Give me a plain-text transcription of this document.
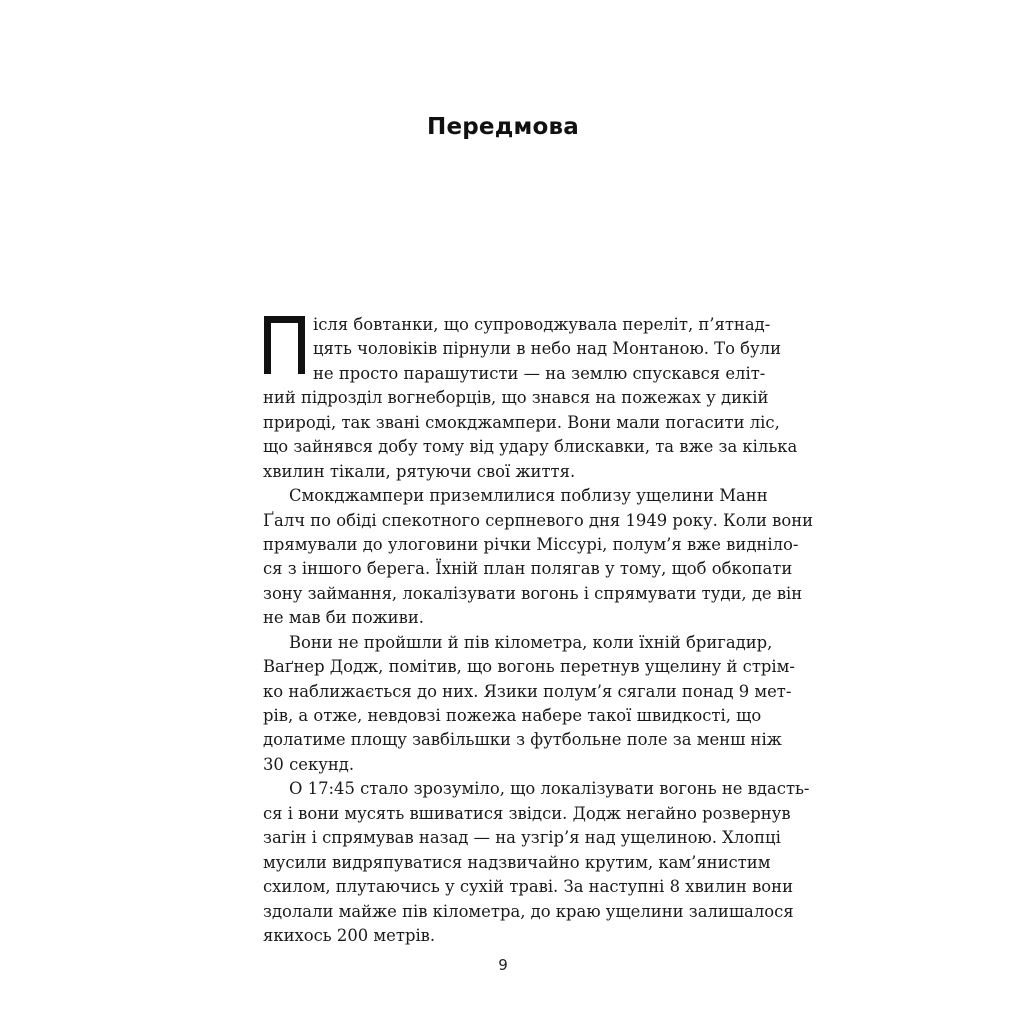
Передмова
ісля бовтанки, що супроводжувала переліт, п’ятнад-
цять чоловіків пірнули в небо над Монтаною. То були
не просто парашутисти — на землю спускався еліт-
ний підрозділ вогнеборців, що знався на пожежах у дикій
природі, так звані смокджампери. Вони мали погасити ліс,
що зайнявся добу тому від удару блискавки, та вже за кілька
хвилин тікали, рятуючи свої життя.
Смокджампери приземлилися поблизу ущелини Манн
Ґалч по обіді спекотного серпневого дня 1949 року. Коли вони
прямували до улоговини річки Міссурі, полум’я вже видніло-
ся з іншого берега. Їхній план полягав у тому, щоб обкопати
зону займання, локалізувати вогонь і спрямувати туди, де він
не мав би поживи.
Вони не пройшли й пів кілометра, коли їхній бригадир,
Ваґнер Додж, помітив, що вогонь перетнув ущелину й стрім-
ко наближається до них. Язики полум’я сягали понад 9 мет-
рів, а отже, невдовзі пожежа набере такої швидкості, що
долатиме площу завбільшки з футбольне поле за менш ніж
30 секунд.
О 17:45 стало зрозуміло, що локалізувати вогонь не вдасть-
ся і вони мусять вшиватися звідси. Додж негайно розвернув
загін і спрямував назад — на узгір’я над ущелиною. Хлопці
мусили видряпуватися надзвичайно крутим, кам’янистим
схилом, плутаючись у сухій траві. За наступні 8 хвилин вони
здолали майже пів кілометра, до краю ущелини залишалося
якихось 200 метрів.
9
